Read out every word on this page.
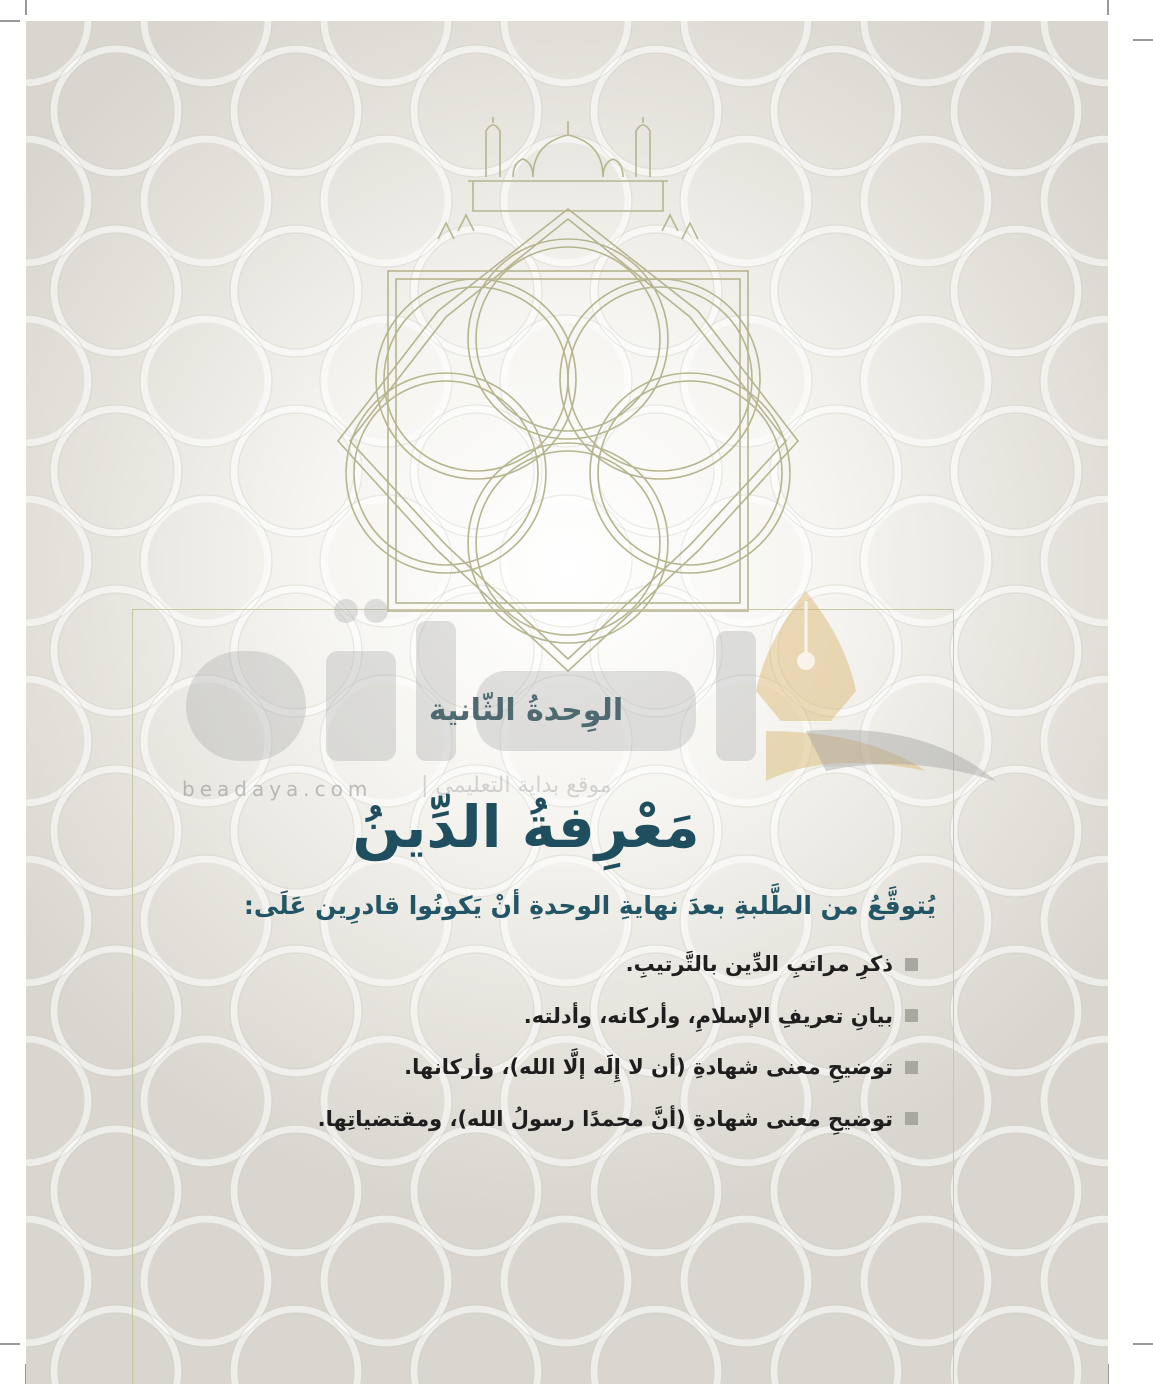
beadaya.com موقع بداية التعليمي |
الوِحدةُ الثّانية
مَعْرِفةُ الدِّينُ
يُتوقَّعُ من الطَّلبةِ بعدَ نهايةِ الوحدةِ أنْ يَكونُوا قادرِين عَلَى:
ذكرِ مراتبِ الدِّين بالتَّرتيبِ.
بيانِ تعريفِ الإسلامِ، وأركانه، وأدلته.
توضيحِ معنى شهادةِ (أن لا إِلَه إلَّا الله)، وأركانها.
توضيحِ معنى شهادةِ (أنَّ محمدًا رسولُ الله)، ومقتضياتِها.
